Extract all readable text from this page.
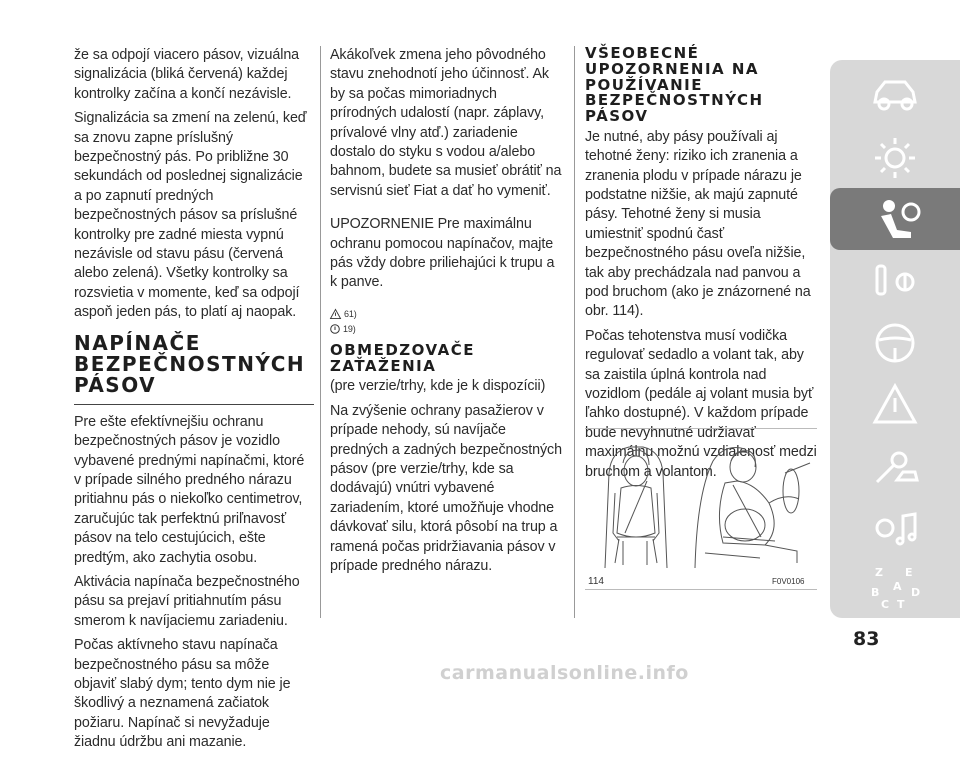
že sa odpojí viacero pásov, vizuálna signalizácia (bliká červená) každej kontrolky začína a končí nezávisle.

Signalizácia sa zmení na zelenú, keď sa znovu zapne príslušný bezpečnostný pás. Po približne 30 sekundách od poslednej signalizácie a po zapnutí predných bezpečnostných pásov sa príslušné kontrolky pre zadné miesta vypnú nezávisle od stavu pásu (červená alebo zelená). Všetky kontrolky sa rozsvietia v momente, keď sa odpojí aspoň jeden pás, to platí aj naopak.

NAPÍNAČE BEZPEČNOSTNÝCH PÁSOV

Pre ešte efektívnejšiu ochranu bezpečnostných pásov je vozidlo vybavené prednými napínačmi, ktoré v prípade silného predného nárazu pritiahnu pás o niekoľko centimetrov, zaručujúc tak perfektnú priľnavosť pásov na telo cestujúcich, ešte predtým, ako zachytia osobu.

Aktivácia napínača bezpečnostného pásu sa prejaví pritiahnutím pásu smerom k navíjaciemu zariadeniu.

Počas aktívneho stavu napínača bezpečnostného pásu sa môže objaviť slabý dym; tento dym nie je škodlivý a neznamená začiatok požiaru. Napínač si nevyžaduje žiadnu údržbu ani mazanie.

Akákoľvek zmena jeho pôvodného stavu znehodnotí jeho účinnosť. Ak by sa počas mimoriadnych prírodných udalostí (napr. záplavy, prívalové vlny atď.) zariadenie dostalo do styku s vodou a/alebo bahnom, budete sa musieť obrátiť na servisnú sieť Fiat a dať ho vymeniť.

UPOZORNENIE Pre maximálnu ochranu pomocou napínačov, majte pás vždy dobre priliehajúci k trupu a k panve.

61)
19)
OBMEDZOVAČE ZAŤAŽENIA

(pre verzie/trhy, kde je k dispozícii)

Na zvýšenie ochrany pasažierov v prípade nehody, sú navíjače predných a zadných bezpečnostných pásov (pre verzie/trhy, kde sa dodávajú) vnútri vybavené zariadením, ktoré umožňuje vhodne dávkovať silu, ktorá pôsobí na trup a ramená počas pridržiavania pásov v prípade predného nárazu.

VŠEOBECNÉ UPOZORNENIA NA POUŽÍVANIE BEZPEČNOSTNÝCH PÁSOV

Je nutné, aby pásy používali aj tehotné ženy: riziko ich zranenia a zranenia plodu v prípade nárazu je podstatne nižšie, ak majú zapnuté pásy. Tehotné ženy si musia umiestniť spodnú časť bezpečnostného pásu oveľa nižšie, tak aby prechádzala nad panvou a pod bruchom (ako je znázornené na obr. 114).

Počas tehotenstva musí vodička regulovať sedadlo a volant tak, aby sa zaistila úplná kontrola nad vozidlom (pedále aj volant musia byť ľahko dostupné). V každom prípade bude nevyhnutné udržiavať maximálnu možnú vzdialenosť medzi bruchom a volantom.

114	F0V0106
Z E
A
B	D
C T
83
carmanualsonline.info
